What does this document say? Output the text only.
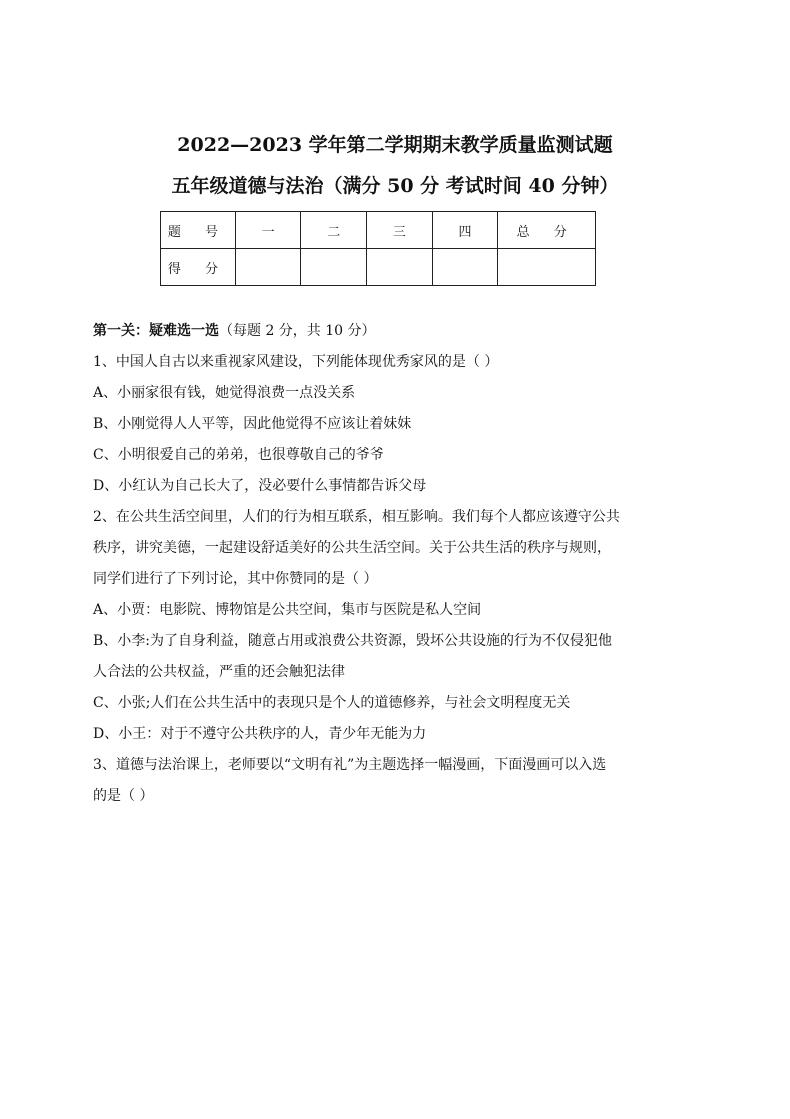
2022—2023 学年第二学期期末教学质量监测试题
五年级道德与法治（满分 50 分 考试时间 40 分钟）
题 号	一	二	三	四	总 分
得 分					
第一关：疑难选一选（每题 2 分，共 10 分）
1、中国人自古以来重视家风建设，下列能体现优秀家风的是（ ）
A、小丽家很有钱，她觉得浪费一点没关系
B、小刚觉得人人平等，因此他觉得不应该让着妹妹
C、小明很爱自己的弟弟，也很尊敬自己的爷爷
D、小红认为自己长大了，没必要什么事情都告诉父母
2、在公共生活空间里，人们的行为相互联系，相互影响。我们每个人都应该遵守公共
秩序，讲究美德，一起建设舒适美好的公共生活空间。关于公共生活的秩序与规则，
同学们进行了下列讨论，其中你赞同的是（ ）
A、小贾：电影院、博物馆是公共空间，集市与医院是私人空间
B、小李:为了自身利益，随意占用或浪费公共资源，毁坏公共设施的行为不仅侵犯他
人合法的公共权益，严重的还会触犯法律
C、小张;人们在公共生活中的表现只是个人的道德修养，与社会文明程度无关
D、小王：对于不遵守公共秩序的人，青少年无能为力
3、道德与法治课上，老师要以“文明有礼”为主题选择一幅漫画，下面漫画可以入选
的是（ ）
